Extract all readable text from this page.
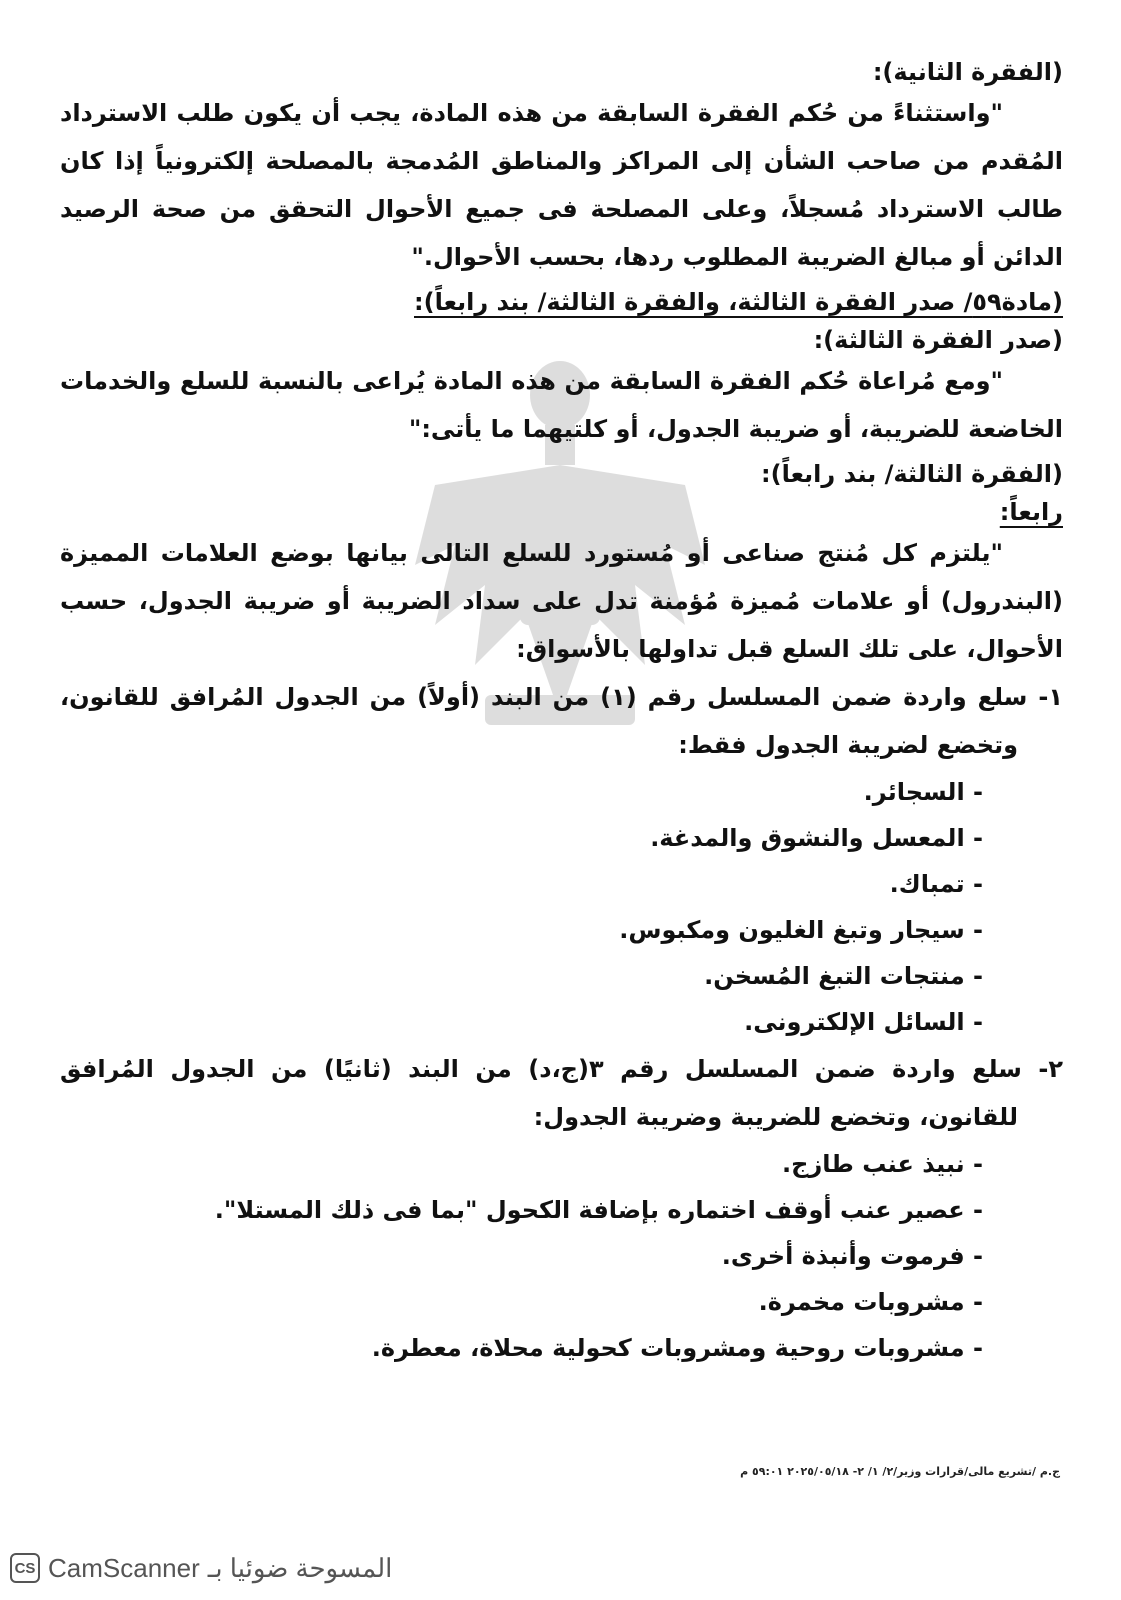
(الفقرة الثانية):

"واستثناءً من حُكم الفقرة السابقة من هذه المادة، يجب أن يكون طلب الاسترداد المُقدم من صاحب الشأن إلى المراكز والمناطق المُدمجة بالمصلحة إلكترونياً إذا كان طالب الاسترداد مُسجلاً، وعلى المصلحة فى جميع الأحوال التحقق من صحة الرصيد الدائن أو مبالغ الضريبة المطلوب ردها، بحسب الأحوال."

(مادة٥٩/ صدر الفقرة الثالثة، والفقرة الثالثة/ بند رابعاً):

(صدر الفقرة الثالثة):

"ومع مُراعاة حُكم الفقرة السابقة من هذه المادة يُراعى بالنسبة للسلع والخدمات الخاضعة للضريبة، أو ضريبة الجدول، أو كلتيهما ما يأتى:"

(الفقرة الثالثة/ بند رابعاً):

رابعاً:

"يلتزم كل مُنتج صناعى أو مُستورد للسلع التالى بيانها بوضع العلامات المميزة (البندرول) أو علامات مُميزة مُؤمنة تدل على سداد الضريبة أو ضريبة الجدول، حسب الأحوال، على تلك السلع قبل تداولها بالأسواق:

١- سلع واردة ضمن المسلسل رقم (١) من البند (أولاً) من الجدول المُرافق للقانون، وتخضع لضريبة الجدول فقط:

- السجائر.
- المعسل والنشوق والمدغة.
- تمباك.
- سيجار وتبغ الغليون ومكبوس.
- منتجات التبغ المُسخن.
- السائل الإلكترونى.

٢- سلع واردة ضمن المسلسل رقم ٣(ج،د) من البند (ثانيًا) من الجدول المُرافق للقانون، وتخضع للضريبة وضريبة الجدول:

- نبيذ عنب طازج.
- عصير عنب أوقف اختماره بإضافة الكحول "بما فى ذلك المستلا".
- فرموت وأنبذة أخرى.
- مشروبات مخمرة.
- مشروبات روحية ومشروبات كحولية محلاة، معطرة.
ج.م /تشريع مالى/قرارات وزير/٢/ ١/ ٢- ٢٠٢٥/٠٥/١٨ ٥٩:٠١ م
CS CamScanner المسوحة ضوئيا بـ
